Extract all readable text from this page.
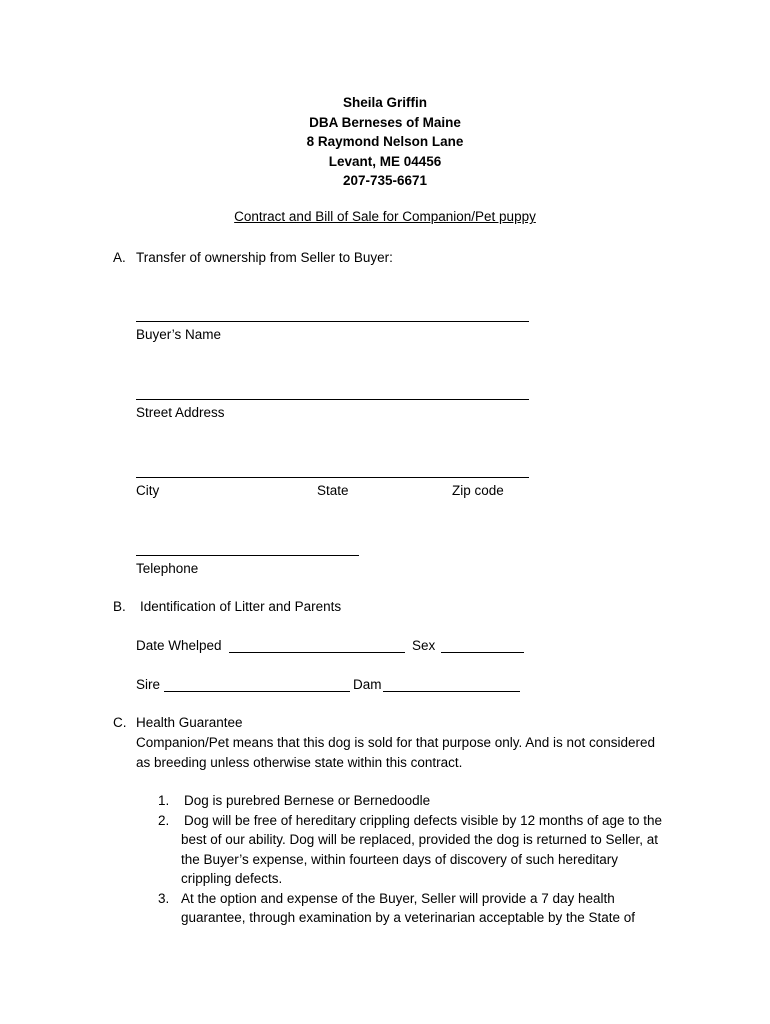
Sheila Griffin
DBA Berneses of Maine
8 Raymond Nelson Lane
Levant, ME 04456
207-735-6671
Contract and Bill of Sale for Companion/Pet puppy
A. Transfer of ownership from Seller to Buyer:
Buyer’s Name
Street Address
City	State	Zip code
Telephone
B. Identification of Litter and Parents
Date Whelped	Sex
Sire	Dam
C. Health Guarantee
Companion/Pet means that this dog is sold for that purpose only. And is not considered
as breeding unless otherwise state within this contract.
1. Dog is purebred Bernese or Bernedoodle
2. Dog will be free of hereditary crippling defects visible by 12 months of age to the
best of our ability. Dog will be replaced, provided the dog is returned to Seller, at
the Buyer’s expense, within fourteen days of discovery of such hereditary
crippling defects.
3. At the option and expense of the Buyer, Seller will provide a 7 day health
guarantee, through examination by a veterinarian acceptable by the State of
